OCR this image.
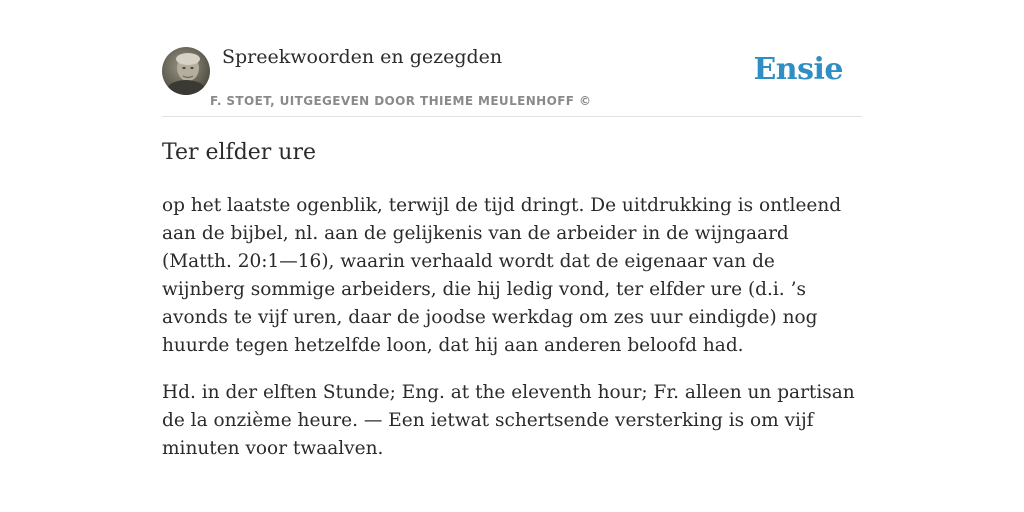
Spreekwoorden en gezegden
F. STOET, UITGEGEVEN DOOR THIEME MEULENHOFF ©
Ensie
Ter elfder ure

op het laatste ogenblik, terwijl de tijd dringt. De uitdrukking is ontleend aan de bijbel, nl. aan de gelijkenis van de arbeider in de wijngaard (Matth. 20:1—16), waarin verhaald wordt dat de eigenaar van de wijnberg sommige arbeiders, die hij ledig vond, ter elfder ure (d.i. ’s avonds te vijf uren, daar de joodse werkdag om zes uur eindigde) nog huurde tegen hetzelfde loon, dat hij aan anderen beloofd had.

Hd. in der elften Stunde; Eng. at the eleventh hour; Fr. alleen un partisan de la onzième heure. — Een ietwat schertsende versterking is om vijf minuten voor twaalven.
